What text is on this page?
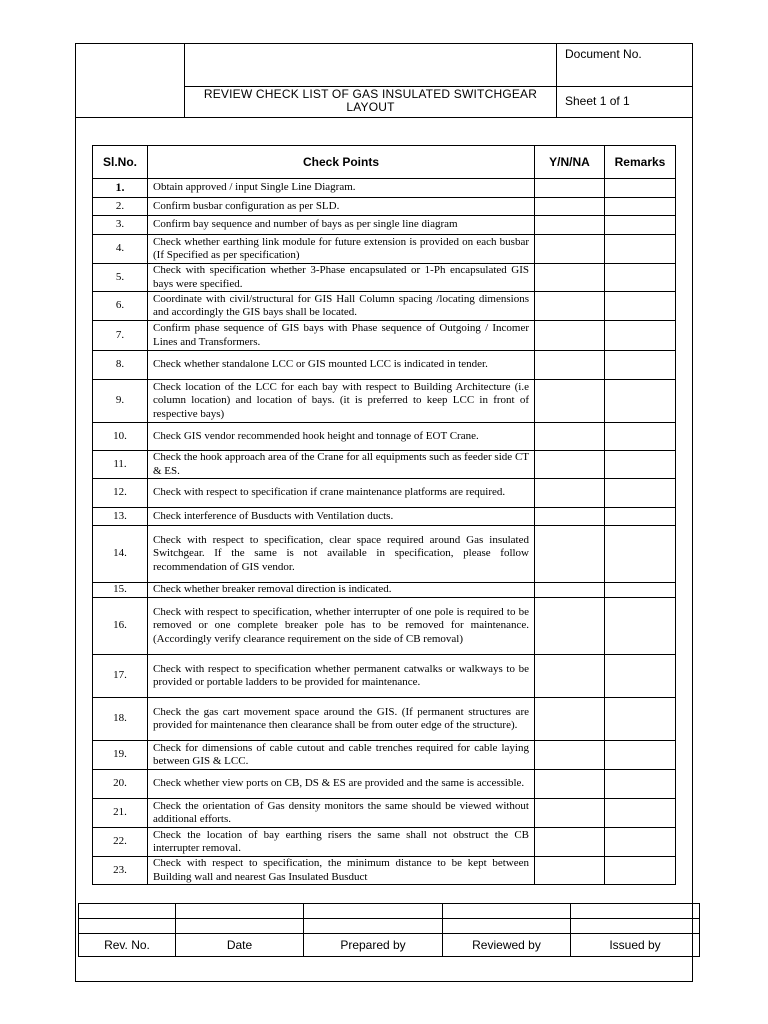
REVIEW CHECK LIST OF GAS INSULATED SWITCHGEAR LAYOUT
Document No.
Sheet 1 of 1
Sl.No.	Check Points	Y/N/NA	Remarks
1.	Obtain approved / input Single Line Diagram.		
2.	Confirm busbar configuration as per SLD.		
3.	Confirm bay sequence and number of bays as per single line diagram		
4.	Check whether earthing link module for future extension is provided on each busbar (If Specified as per specification)		
5.	Check with specification whether 3-Phase encapsulated or 1-Ph encapsulated GIS bays were specified.		
6.	Coordinate with civil/structural for GIS Hall Column spacing /locating dimensions and accordingly the GIS bays shall be located.		
7.	Confirm phase sequence of GIS bays with Phase sequence of Outgoing / Incomer Lines and Transformers.		
8.	Check whether standalone LCC or GIS mounted LCC is indicated in tender.		
9.	Check location of the LCC for each bay with respect to Building Architecture (i.e column location) and location of bays. (it is preferred to keep LCC in front of respective bays)		
10.	Check GIS vendor recommended hook height and tonnage of EOT Crane.		
11.	Check the hook approach area of the Crane for all equipments such as feeder side CT & ES.		
12.	Check with respect to specification if crane maintenance platforms are required.		
13.	Check interference of Busducts with Ventilation ducts.		
14.	Check with respect to specification, clear space required around Gas insulated Switchgear. If the same is not available in specification, please follow recommendation of GIS vendor.		
15.	Check whether breaker removal direction is indicated.		
16.	Check with respect to specification, whether interrupter of one pole is required to be removed or one complete breaker pole has to be removed for maintenance. (Accordingly verify clearance requirement on the side of CB removal)		
17.	Check with respect to specification whether permanent catwalks or walkways to be provided or portable ladders to be provided for maintenance.		
18.	Check the gas cart movement space around the GIS. (If permanent structures are provided for maintenance then clearance shall be from outer edge of the structure).		
19.	Check for dimensions of cable cutout and cable trenches required for cable laying between GIS & LCC.		
20.	Check whether view ports on CB, DS & ES are provided and the same is accessible.		
21.	Check the orientation of Gas density monitors the same should be viewed without additional efforts.		
22.	Check the location of bay earthing risers the same shall not obstruct the CB interrupter removal.		
23.	Check with respect to specification, the minimum distance to be kept between Building wall and nearest Gas Insulated Busduct		

Rev. No.	Date	Prepared by	Reviewed by	Issued by
